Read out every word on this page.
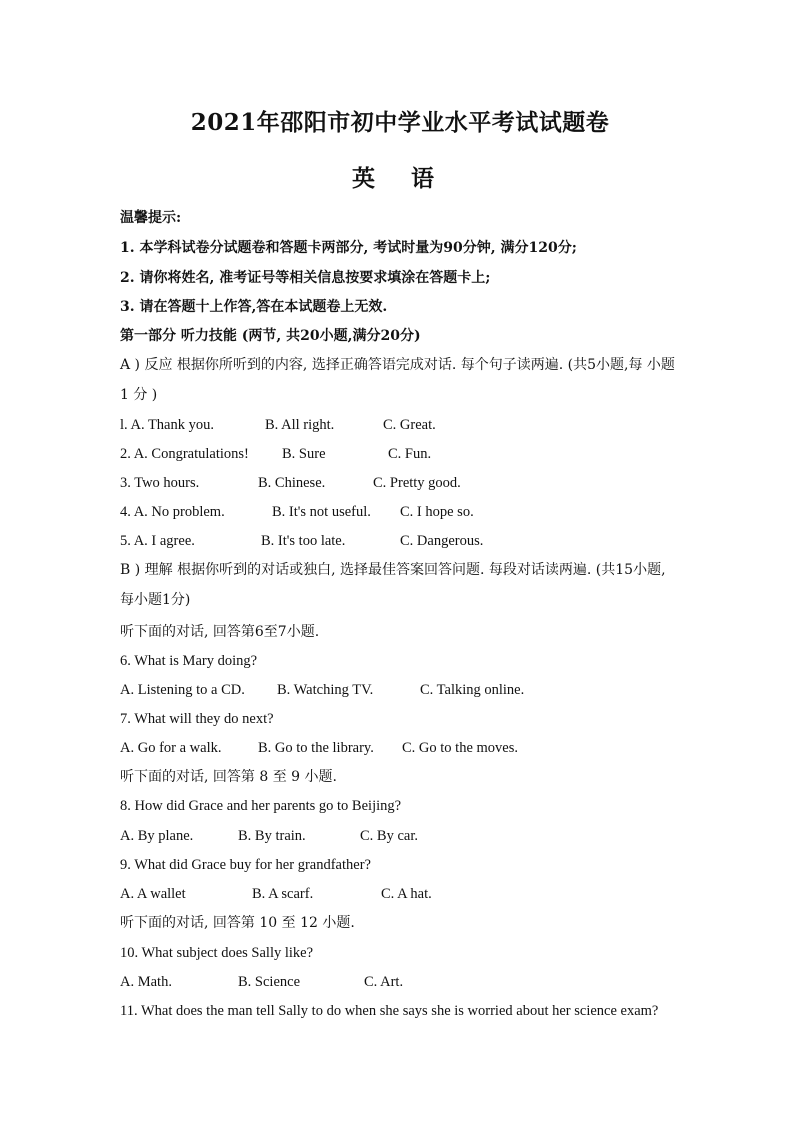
2021年邵阳市初中学业水平考试试题卷
英 语
温馨提示:
1. 本学科试卷分试题卷和答题卡两部分, 考试时量为90分钟, 满分120分;
2. 请你将姓名, 准考证号等相关信息按要求填涂在答题卡上;
3. 请在答题十上作答,答在本试题卷上无效.
第一部分 听力技能 (两节, 共20小题,满分20分)
A ) 反应 根据你所听到的内容, 选择正确答语完成对话. 每个句子读两遍. (共5小题,每 小题
1 分 )
l. A. Thank you.	B. All right.	C. Great.
2. A. Congratulations! B. Sure	C. Fun.
3. Two hours.	B. Chinese.	C. Pretty good.
4. A. No problem.	B. It's not useful. C. I hope so.
5. A. I agree.	B. It's too late.	C. Dangerous.
B ) 理解 根据你听到的对话或独白, 选择最佳答案回答问题. 每段对话读两遍. (共15小题,
每小题1分)
听下面的对话, 回答第6至7小题.
6. What is Mary doing?
A. Listening to a CD. B. Watching TV.	C. Talking online.
7. What will they do next?
A. Go for a walk.	B. Go to the library. C. Go to the moves.
听下面的对话, 回答第 8 至 9 小题.
8. How did Grace and her parents go to Beijing?
A. By plane.	B. By train.	C. By car.
9. What did Grace buy for her grandfather?
A. A wallet	B. A scarf.	C. A hat.
听下面的对话, 回答第 10 至 12 小题.
10. What subject does Sally like?
A. Math.	B. Science	C. Art.
11. What does the man tell Sally to do when she says she is worried about her science exam?
